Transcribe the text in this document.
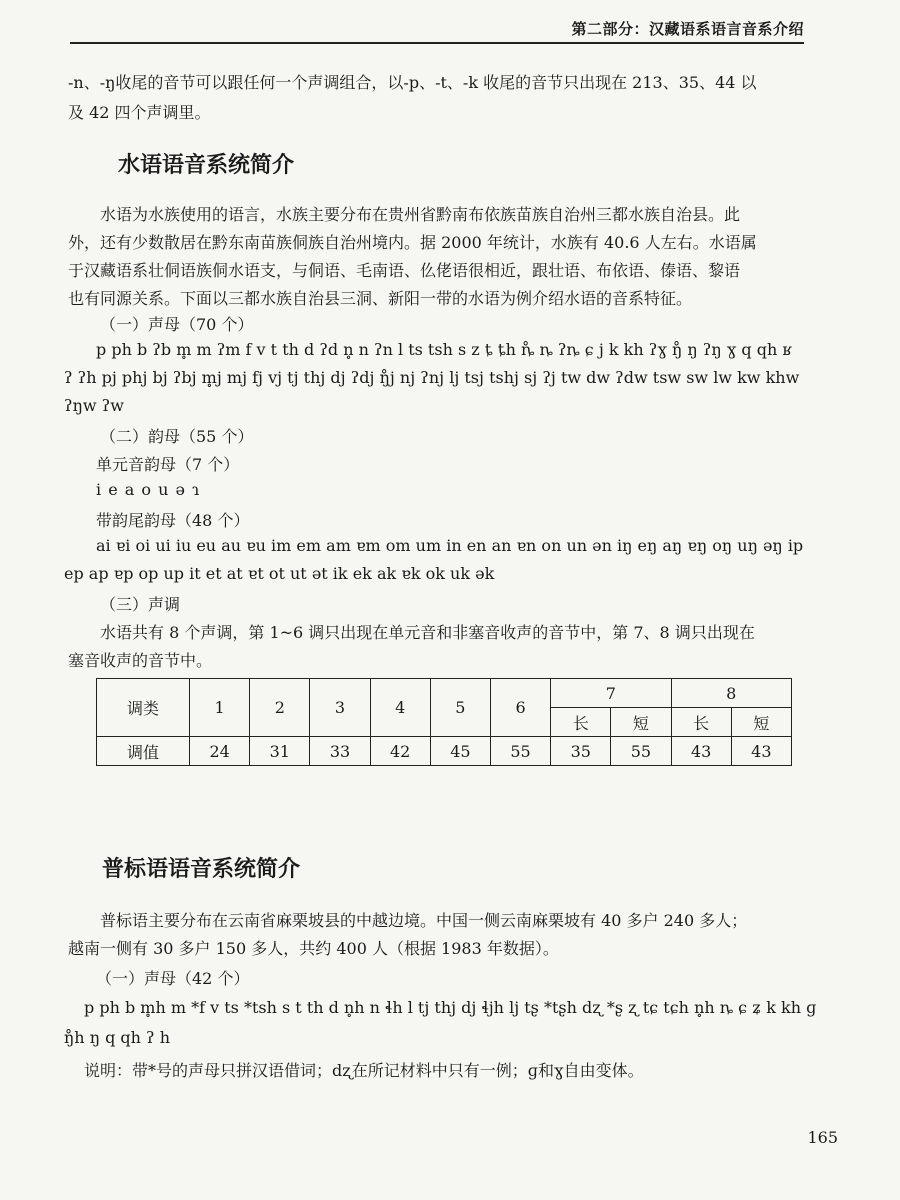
第二部分：汉藏语系语言音系介绍

-n、-ŋ收尾的音节可以跟任何一个声调组合，以-p、-t、-k 收尾的音节只出现在 213、35、44 以

及 42 四个声调里。

水语语音系统简介

水语为水族使用的语言，水族主要分布在贵州省黔南布依族苗族自治州三都水族自治县。此

外，还有少数散居在黔东南苗族侗族自治州境内。据 2000 年统计，水族有 40.6 人左右。水语属

于汉藏语系壮侗语族侗水语支，与侗语、毛南语、仫佬语很相近，跟壮语、布依语、傣语、黎语

也有同源关系。下面以三都水族自治县三洞、新阳一带的水语为例介绍水语的音系特征。

（一）声母（70 个）

p ph b ʔb m̥ m ʔm f v t th d ʔd n̥ n ʔn l ts tsh s z ȶ ȶh ȵ̊ ȵ ʔȵ ɕ j k kh ʔɣ ŋ̊ ŋ ʔŋ ɣ q qh ʁ

ʔ ʔh pj phj bj ʔbj m̥j mj fj vj tj thj dj ʔdj ŋ̊j nj ʔnj lj tsj tshj sj ʔj tw dw ʔdw tsw sw lw kw khw

ʔŋw ʔw

（二）韵母（55 个）

单元音韵母（7 个）

i e a o u ə ɿ

带韵尾韵母（48 个）

ai ɐi oi ui iu eu au ɐu im em am ɐm om um in en an ɐn on un ən iŋ eŋ aŋ ɐŋ oŋ uŋ əŋ ip

ep ap ɐp op up it et at ɐt ot ut ət ik ek ak ɐk ok uk ək

（三）声调

水语共有 8 个声调，第 1~6 调只出现在单元音和非塞音收声的音节中，第 7、8 调只出现在

塞音收声的音节中。

调类	1	2	3	4	5	6	7		8	
							长	短	长	短
调值	24	31	33	42	45	55	35	55	43	43
普标语语音系统简介

普标语主要分布在云南省麻栗坡县的中越边境。中国一侧云南麻栗坡有 40 多户 240 多人；

越南一侧有 30 多户 150 多人，共约 400 人（根据 1983 年数据）。

（一）声母（42 个）

p ph b m̥h m *f v ts *tsh s t th d n̥h n ɬh l tj thj dj ɬjh lj tʂ *tʂh dʐ *ʂ ʐ tɕ tɕh n̥h ȵ ɕ ʑ k kh ɡ

ŋ̊h ŋ q qh ʔ h

说明：带*号的声母只拼汉语借词；dʐ在所记材料中只有一例；ɡ和ɣ自由变体。

165
